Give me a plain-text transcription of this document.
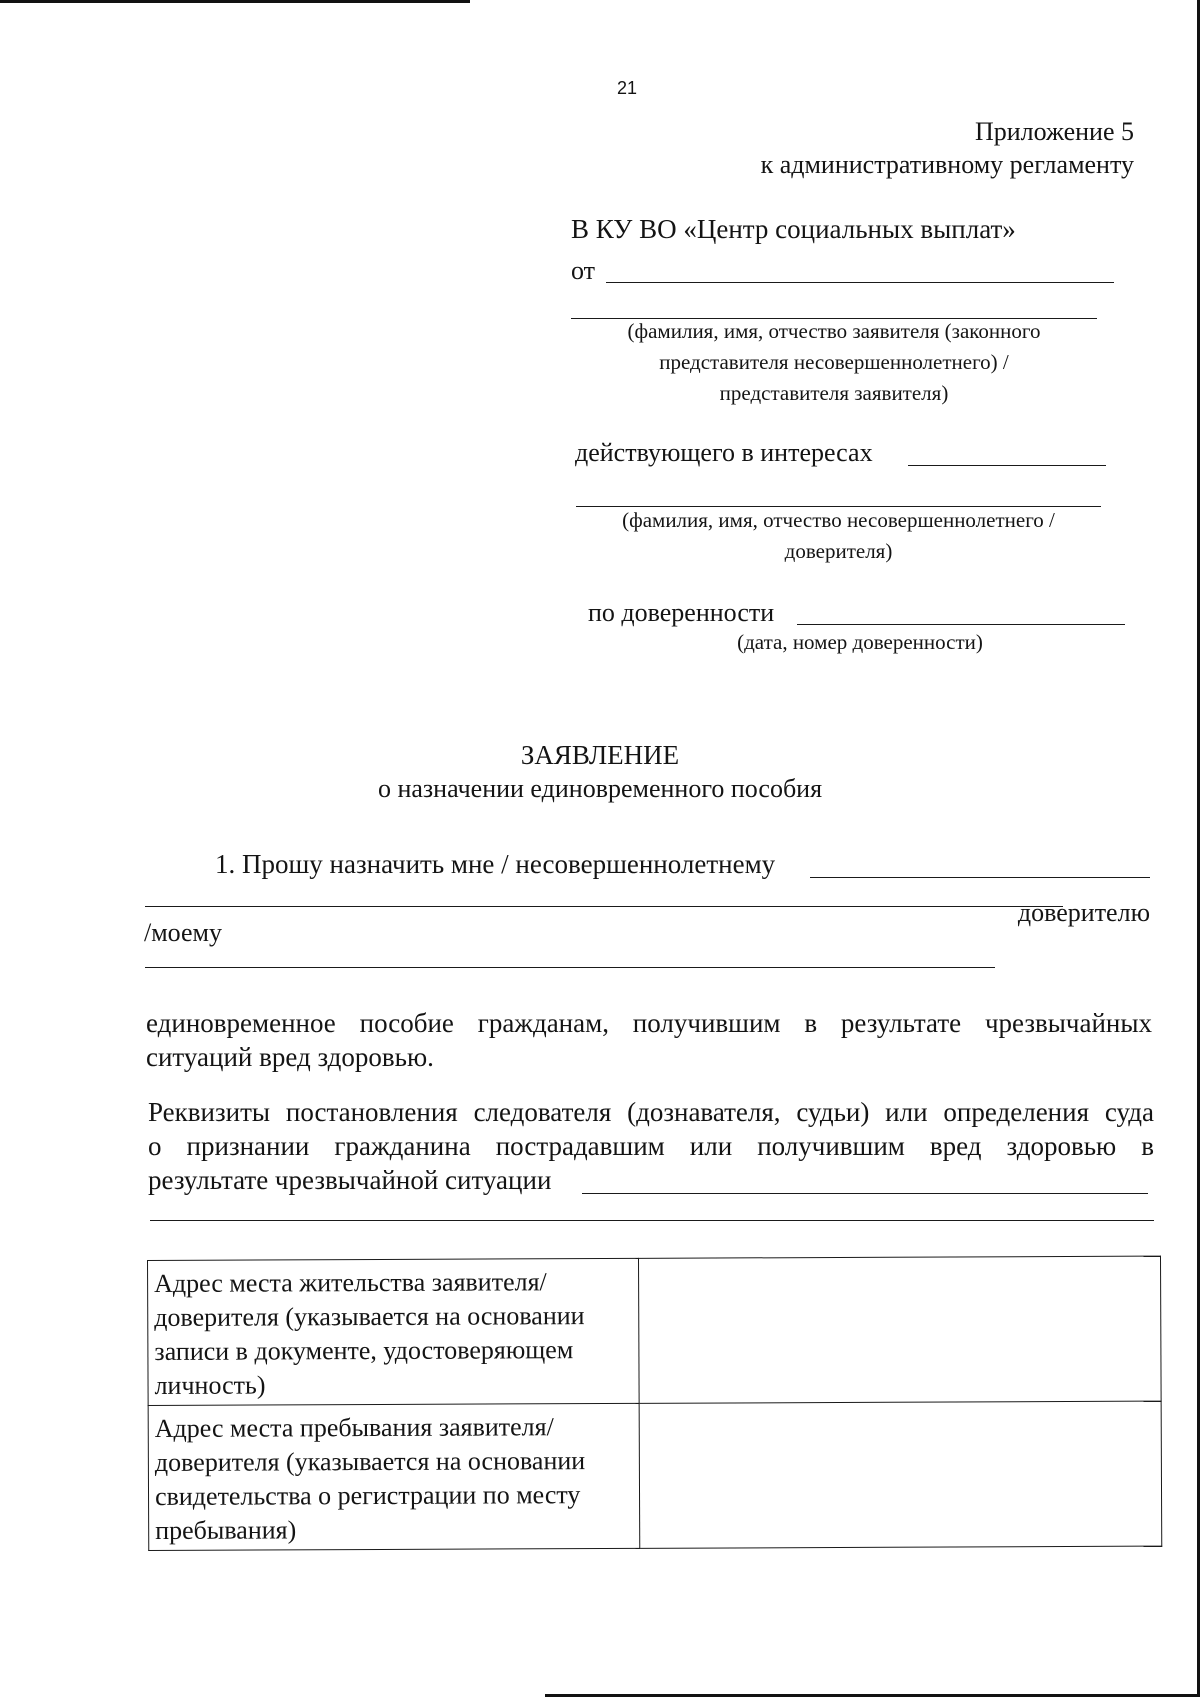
21
Приложение 5
к административному регламенту
В КУ ВО «Центр социальных выплат»
от
(фамилия, имя, отчество заявителя (законного
представителя несовершеннолетнего) /
представителя заявителя)
действующего в интересах
(фамилия, имя, отчество несовершеннолетнего /
доверителя)
по доверенности
(дата, номер доверенности)
ЗАЯВЛЕНИЕ
о назначении единовременного пособия
1. Прошу назначить мне / несовершеннолетнему
доверителю
/моему
единовременное пособие гражданам, получившим в результате чрезвычайных
ситуаций вред здоровью.
Реквизиты постановления следователя (дознавателя, судьи) или определения суда
о признании гражданина пострадавшим или получившим вред здоровью в
результате чрезвычайной ситуации
Адрес места жительства заявителя/
доверителя (указывается на основании
записи в документе, удостоверяющем
личность)	

Адрес места пребывания заявителя/
доверителя (указывается на основании
свидетельства о регистрации по месту
пребывания)	
